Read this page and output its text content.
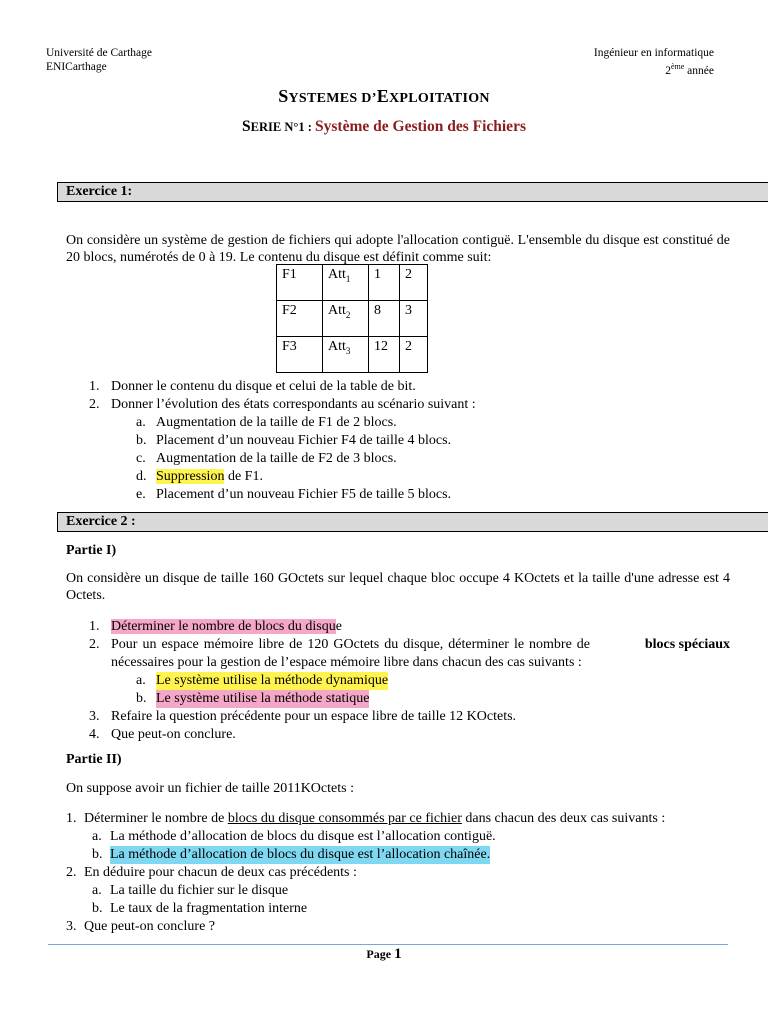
Université de Carthage
ENICarthage
Ingénieur en informatique
2ème année
SYSTEMES D’EXPLOITATION
SERIE N°1 : Système de Gestion des Fichiers
Exercice 1:
On considère un système de gestion de fichiers qui adopte l'allocation contiguë. L'ensemble du disque est constitué de 20 blocs, numérotés de 0 à 19. Le contenu du disque est définit comme suit:
F1	Att$_1$	1	2
F2	Att$_2$	8	3
F3	Att$_3$	12	2
1. Donner le contenu du disque et celui de la table de bit.
2. Donner l’évolution des états correspondants au scénario suivant :
a. Augmentation de la taille de F1 de 2 blocs.
b. Placement d’un nouveau Fichier F4 de taille 4 blocs.
c. Augmentation de la taille de F2 de 3 blocs.
d. Suppression de F1.
e. Placement d’un nouveau Fichier F5 de taille 5 blocs.
Exercice 2 :
Partie I)
On considère un disque de taille 160 GOctets sur lequel chaque bloc occupe 4 KOctets et la taille d'une adresse est 4 Octets.
1. Déterminer le nombre de blocs du disque
2. Pour un espace mémoire libre de 120 GOctets du disque, déterminer le nombre de	blocs spéciaux
nécessaires pour la gestion de l’espace mémoire libre dans chacun des cas suivants :
a. Le système utilise la méthode dynamique
b. Le système utilise la méthode statique
3. Refaire la question précédente pour un espace libre de taille 12 KOctets.
4. Que peut-on conclure.
Partie II)
On suppose avoir un fichier de taille 2011KOctets :
1. Déterminer le nombre de blocs du disque consommés par ce fichier dans chacun des deux cas suivants :
a. La méthode d’allocation de blocs du disque est l’allocation contiguë.
b. La méthode d’allocation de blocs du disque est l’allocation chaînée.
2. En déduire pour chacun de deux cas précédents :
a. La taille du fichier sur le disque
b. Le taux de la fragmentation interne
3. Que peut-on conclure ?
Page 1
